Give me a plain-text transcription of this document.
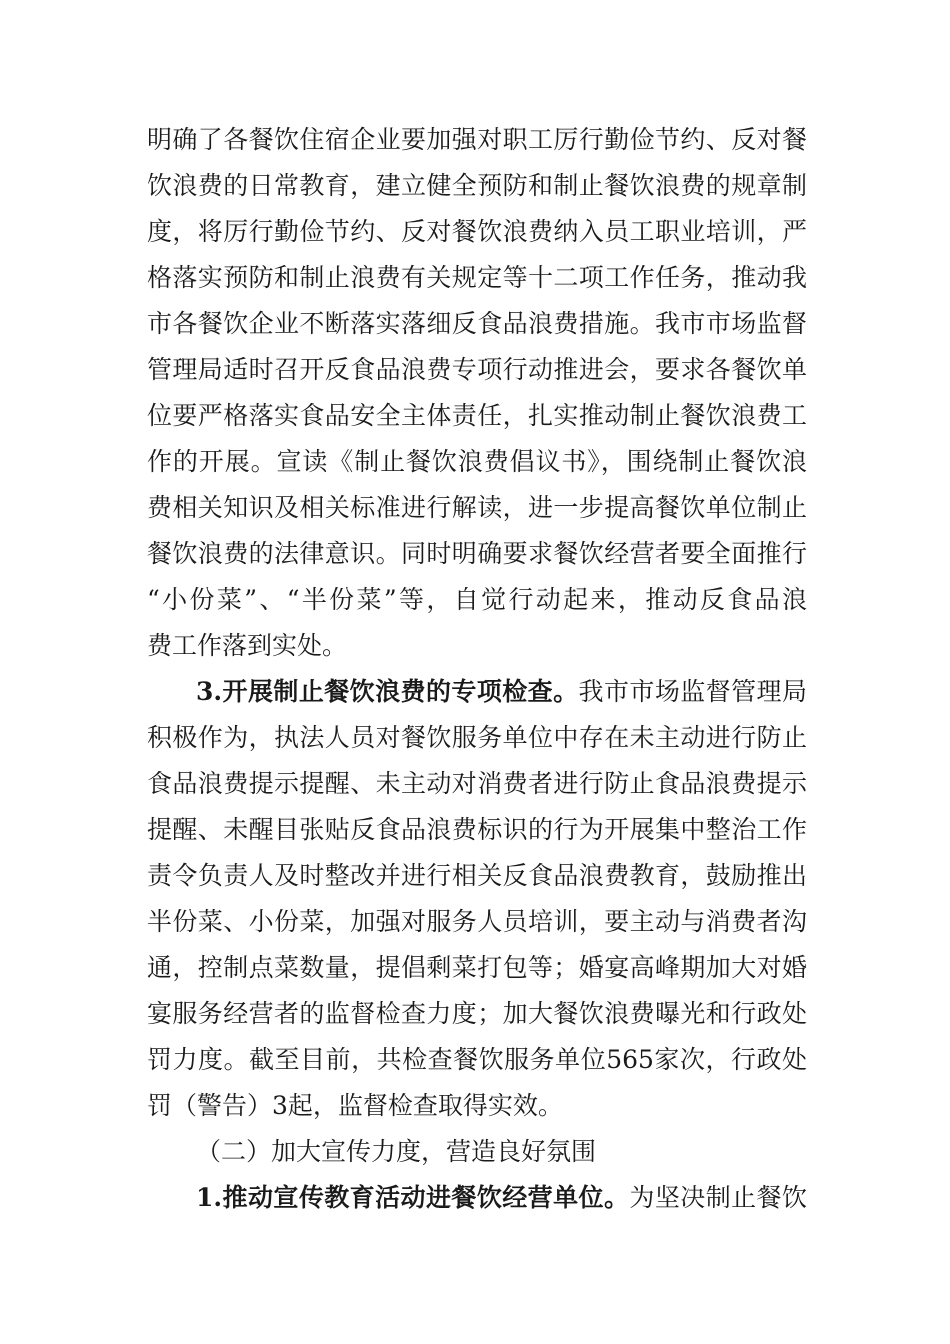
明确了各餐饮住宿企业要加强对职工厉行勤俭节约、反对餐
饮浪费的日常教育，建立健全预防和制止餐饮浪费的规章制
度，将厉行勤俭节约、反对餐饮浪费纳入员工职业培训，严
格落实预防和制止浪费有关规定等十二项工作任务，推动我
市各餐饮企业不断落实落细反食品浪费措施。我市市场监督
管理局适时召开反食品浪费专项行动推进会，要求各餐饮单
位要严格落实食品安全主体责任，扎实推动制止餐饮浪费工
作的开展。宣读《制止餐饮浪费倡议书》，围绕制止餐饮浪
费相关知识及相关标准进行解读，进一步提高餐饮单位制止
餐饮浪费的法律意识。同时明确要求餐饮经营者要全面推行
“小份菜”、“半份菜”等，自觉行动起来，推动反食品浪
费工作落到实处。
3.开展制止餐饮浪费的专项检查。我市市场监督管理局
积极作为，执法人员对餐饮服务单位中存在未主动进行防止
食品浪费提示提醒、未主动对消费者进行防止食品浪费提示
提醒、未醒目张贴反食品浪费标识的行为开展集中整治工作
责令负责人及时整改并进行相关反食品浪费教育，鼓励推出
半份菜、小份菜，加强对服务人员培训，要主动与消费者沟
通，控制点菜数量，提倡剩菜打包等；婚宴高峰期加大对婚
宴服务经营者的监督检查力度；加大餐饮浪费曝光和行政处
罚力度。截至目前，共检查餐饮服务单位565家次，行政处
罚（警告）3起，监督检查取得实效。
（二）加大宣传力度，营造良好氛围
1.推动宣传教育活动进餐饮经营单位。为坚决制止餐饮
